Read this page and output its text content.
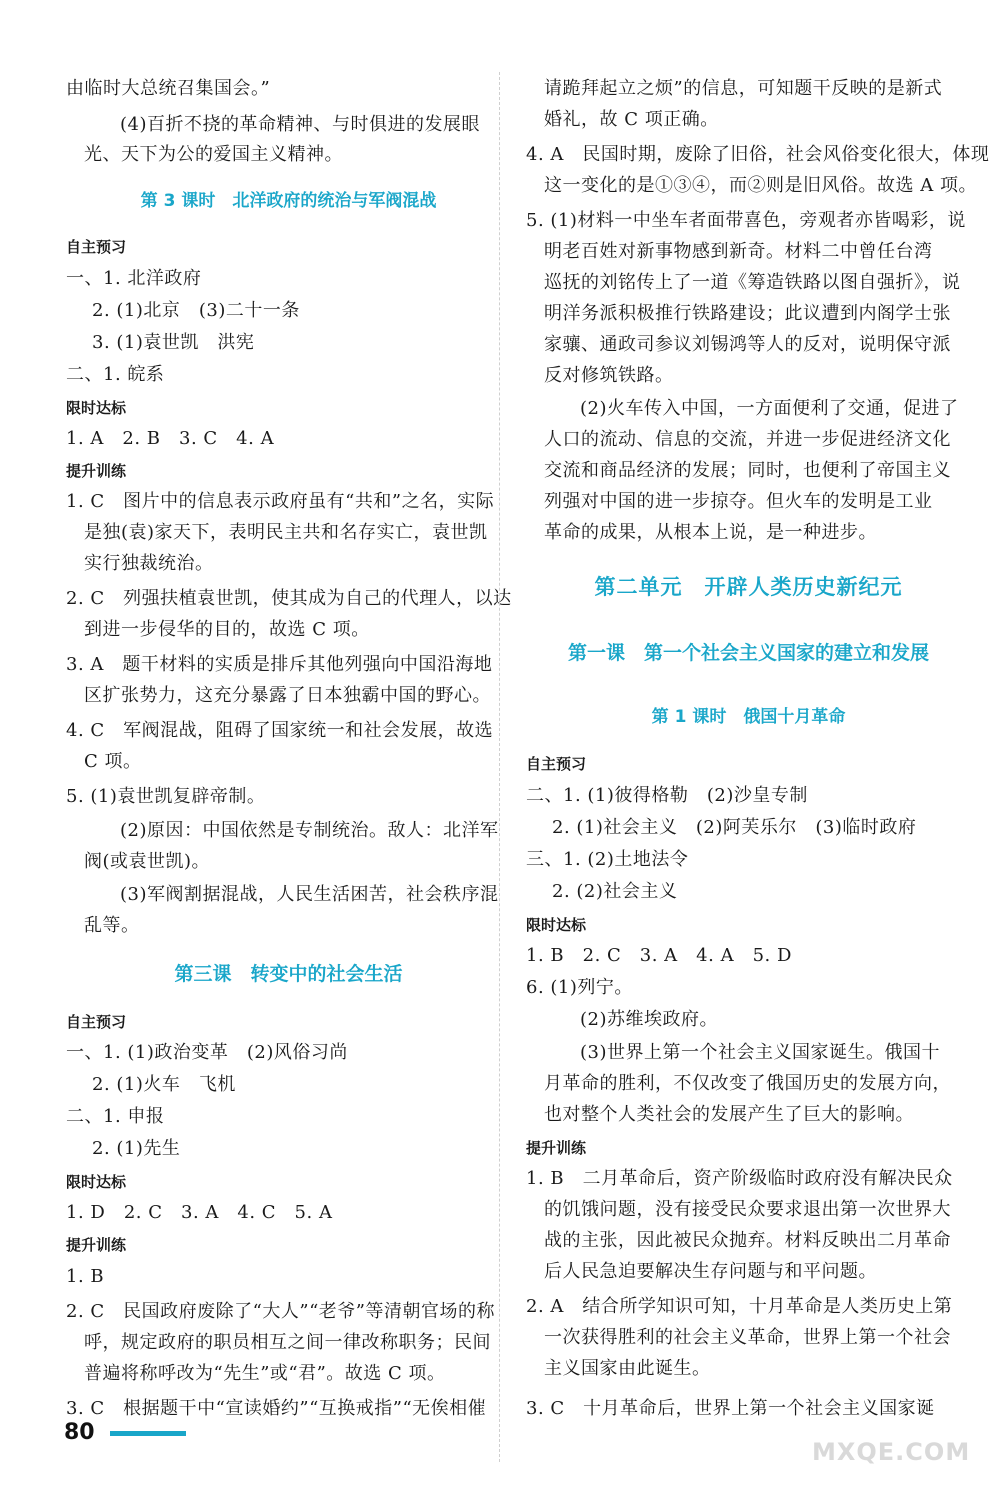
由临时大总统召集国会。”
(4)百折不挠的革命精神、与时俱进的发展眼
光、天下为公的爱国主义精神。
第 3 课时　北洋政府的统治与军阀混战
自主预习
一、1. 北洋政府
2. (1)北京　(3)二十一条
3. (1)袁世凯　洪宪
二、1. 皖系
限时达标
1. A　2. B　3. C　4. A
提升训练
1. C　图片中的信息表示政府虽有“共和”之名，实际
是独(袁)家天下，表明民主共和名存实亡，袁世凯
实行独裁统治。
2. C　列强扶植袁世凯，使其成为自己的代理人，以达
到进一步侵华的目的，故选 C 项。
3. A　题干材料的实质是排斥其他列强向中国沿海地
区扩张势力，这充分暴露了日本独霸中国的野心。
4. C　军阀混战，阻碍了国家统一和社会发展，故选
C 项。
5. (1)袁世凯复辟帝制。
(2)原因：中国依然是专制统治。敌人：北洋军
阀(或袁世凯)。
(3)军阀割据混战，人民生活困苦，社会秩序混
乱等。
第三课　转变中的社会生活
自主预习
一、1. (1)政治变革　(2)风俗习尚
2. (1)火车　飞机
二、1. 申报
2. (1)先生
限时达标
1. D　2. C　3. A　4. C　5. A
提升训练
1. B
2. C　民国政府废除了“大人”“老爷”等清朝官场的称
呼，规定政府的职员相互之间一律改称职务；民间
普遍将称呼改为“先生”或“君”。故选 C 项。
3. C　根据题干中“宣读婚约”“互换戒指”“无俟相催
请跪拜起立之烦”的信息，可知题干反映的是新式
婚礼，故 C 项正确。
4. A　民国时期，废除了旧俗，社会风俗变化很大，体现
这一变化的是①③④，而②则是旧风俗。故选 A 项。
5. (1)材料一中坐车者面带喜色，旁观者亦皆喝彩，说
明老百姓对新事物感到新奇。材料二中曾任台湾
巡抚的刘铭传上了一道《筹造铁路以图自强折》，说
明洋务派积极推行铁路建设；此议遭到内阁学士张
家骧、通政司参议刘锡鸿等人的反对，说明保守派
反对修筑铁路。
(2)火车传入中国，一方面便利了交通，促进了
人口的流动、信息的交流，并进一步促进经济文化
交流和商品经济的发展；同时，也便利了帝国主义
列强对中国的进一步掠夺。但火车的发明是工业
革命的成果，从根本上说，是一种进步。
第二单元　开辟人类历史新纪元
第一课　第一个社会主义国家的建立和发展
第 1 课时　俄国十月革命
自主预习
二、1. (1)彼得格勒　(2)沙皇专制
2. (1)社会主义　(2)阿芙乐尔　(3)临时政府
三、1. (2)土地法令
2. (2)社会主义
限时达标
1. B　2. C　3. A　4. A　5. D
6. (1)列宁。
(2)苏维埃政府。
(3)世界上第一个社会主义国家诞生。俄国十
月革命的胜利，不仅改变了俄国历史的发展方向，
也对整个人类社会的发展产生了巨大的影响。
提升训练
1. B　二月革命后，资产阶级临时政府没有解决民众
的饥饿问题，没有接受民众要求退出第一次世界大
战的主张，因此被民众抛弃。材料反映出二月革命
后人民急迫要解决生存问题与和平问题。
2. A　结合所学知识可知，十月革命是人类历史上第
一次获得胜利的社会主义革命，世界上第一个社会
主义国家由此诞生。
3. C　十月革命后，世界上第一个社会主义国家诞
80
MXQE.COM
